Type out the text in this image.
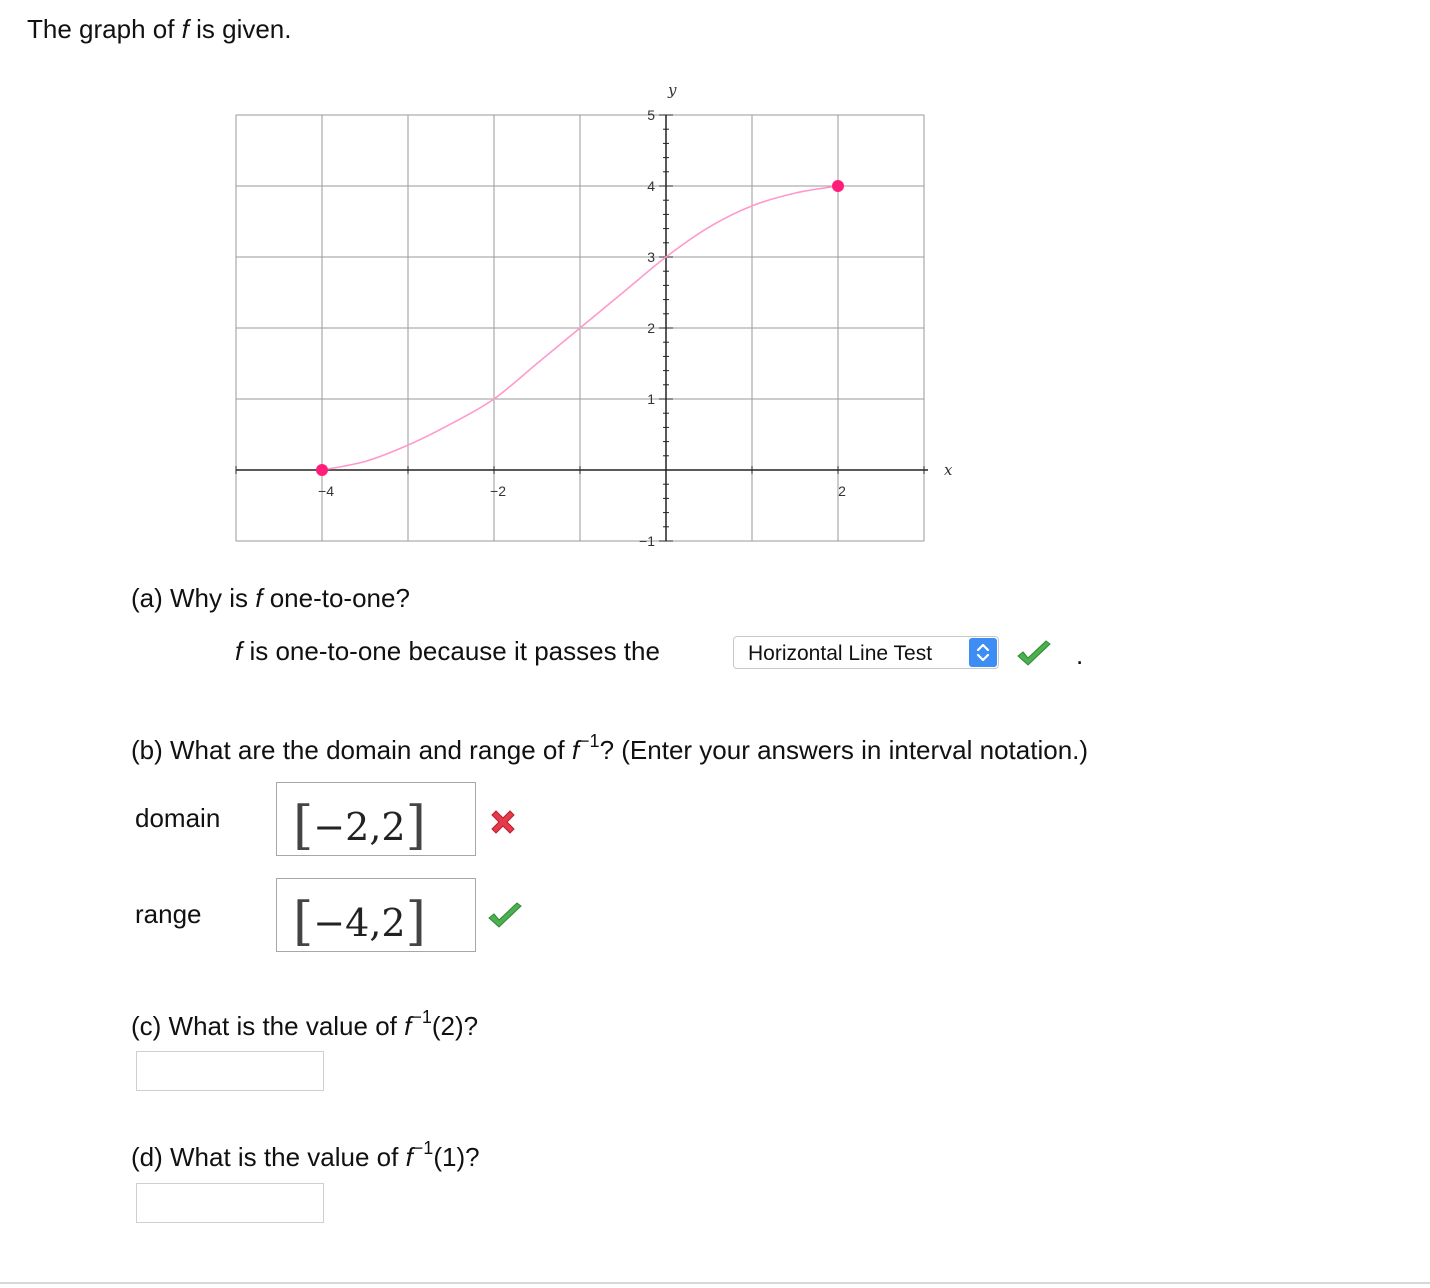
The graph of f is given.
−4	−2	2
5
4
3
2
1
−1
x
y
(a) Why is f one-to-one?
f is one-to-one because it passes the	Horizontal Line Test	.
(b) What are the domain and range of $f^{-1}$? (Enter your answers in interval notation.)
domain [−2,2]
range [−4,2]
(c) What is the value of $f^{-1}(2)$?
(d) What is the value of $f^{-1}(1)$?
